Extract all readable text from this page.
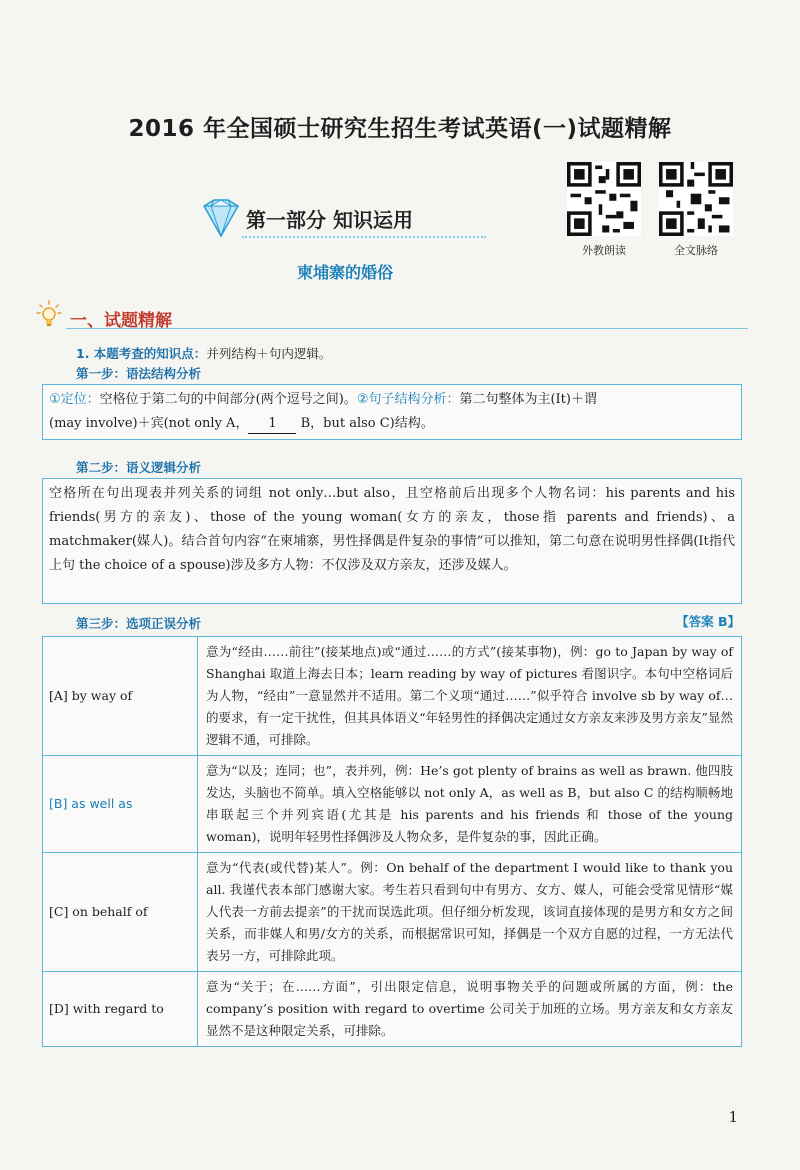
2016 年全国硕士研究生招生考试英语(一)试题精解
第一部分 知识运用
外教朗读	全文脉络
柬埔寨的婚俗
一、试题精解
1. 本题考查的知识点：并列结构＋句内逻辑。
第一步：语法结构分析
①定位：空格位于第二句的中间部分(两个逗号之间)。②句子结构分析：第二句整体为主(It)＋谓
(may involve)＋宾(not only A， 1 B，but also C)结构。
第二步：语义逻辑分析
空格所在句出现表并列关系的词组 not only…but also，且空格前后出现多个人物名词：his parents and his friends(男方的亲友)、those of the young woman(女方的亲友，those指 parents and friends)、a matchmaker(媒人)。结合首句内容“在柬埔寨，男性择偶是件复杂的事情”可以推知，第二句意在说明男性择偶(It指代上句 the choice of a spouse)涉及多方人物：不仅涉及双方亲友，还涉及媒人。
第三步：选项正误分析	【答案 B】
[A] by way of	意为“经由……前往”(接某地点)或“通过……的方式”(接某事物)，例：go to Japan by way of Shanghai 取道上海去日本；learn reading by way of pictures 看图识字。本句中空格词后为人物，“经由”一意显然并不适用。第二个义项“通过……”似乎符合 involve sb by way of…的要求，有一定干扰性，但其具体语义“年轻男性的择偶决定通过女方亲友来涉及男方亲友”显然逻辑不通，可排除。
[B] as well as	意为“以及；连同；也”，表并列，例：He’s got plenty of brains as well as brawn. 他四肢发达，头脑也不简单。填入空格能够以 not only A，as well as B，but also C 的结构顺畅地串联起三个并列宾语(尤其是 his parents and his friends 和 those of the young woman)，说明年轻男性择偶涉及人物众多，是件复杂的事，因此正确。
[C] on behalf of	意为“代表(或代替)某人”。例：On behalf of the department I would like to thank you all. 我谨代表本部门感谢大家。考生若只看到句中有男方、女方、媒人，可能会受常见情形“媒人代表一方前去提亲”的干扰而误选此项。但仔细分析发现，该词直接体现的是男方和女方之间关系，而非媒人和男/女方的关系，而根据常识可知，择偶是一个双方自愿的过程，一方无法代表另一方，可排除此项。
[D] with regard to	意为“关于；在……方面”，引出限定信息，说明事物关乎的问题或所属的方面，例：the company’s position with regard to overtime 公司关于加班的立场。男方亲友和女方亲友显然不是这种限定关系，可排除。
1
